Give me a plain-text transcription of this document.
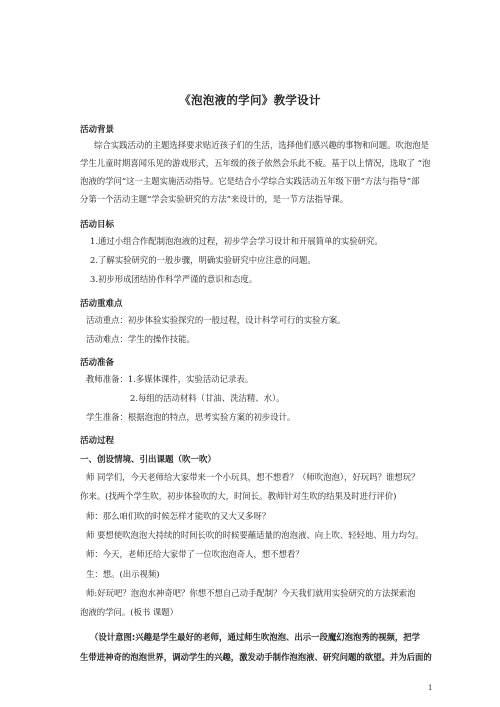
《泡泡液的学问》教学设计
活动背景
综合实践活动的主题选择要求贴近孩子们的生活，选择他们感兴趣的事物和问题。吹泡泡是
学生儿童时期喜闻乐见的游戏形式，五年级的孩子依然会乐此不疲。基于以上情况，选取了 “泡
泡液的学问”这一主题实施活动指导。它是结合小学综合实践活动五年级下册“方法与指导”部
分第一个活动主题“学会实验研究的方法”来设计的，是一节方法指导课。
活动目标
1.通过小组合作配制泡泡液的过程，初步学会学习设计和开展简单的实验研究。
2.了解实验研究的一般步骤，明确实验研究中应注意的问题。
3.初步形成团结协作科学严谨的意识和态度。
活动重难点
活动重点：初步体验实验探究的一般过程，设计科学可行的实验方案。
活动难点：学生的操作技能。
活动准备
教师准备：1.多媒体课件，实验活动记录表。
2.每组的活动材料（甘油、洗洁精、水）。
学生准备：根据泡泡的特点，思考实验方案的初步设计。
活动过程
一、创设情境、引出课题（吹一吹）
师 同学们，今天老师给大家带来一个小玩具，想不想看？（师吹泡泡），好玩吗？谁想玩？
你来。(找两个学生吹，初步体验吹的大，时间长。教师针对生吹的结果及时进行评价)
师：那么咱们吹的时候怎样才能吹的又大又多呀？
师 要想使吹泡泡大持续的时间长吹的时候要蘸适量的泡泡液、向上吹、轻轻地、用力均匀。
师：今天，老师还给大家带了一位吹泡泡奇人，想不想看？
生：想。(出示视频)
师:好玩吧？泡泡水神奇吧？你想不想自己动手配制？今天我们就用实验研究的方法探索泡
泡液的学问。(板书 课题）
（设计意图:兴趣是学生最好的老师，通过师生吹泡泡、出示一段魔幻泡泡秀的视频，把学
生带进神奇的泡泡世界，调动学生的兴趣，激发动手制作泡泡液、研究问题的欲望。并为后面的
1
